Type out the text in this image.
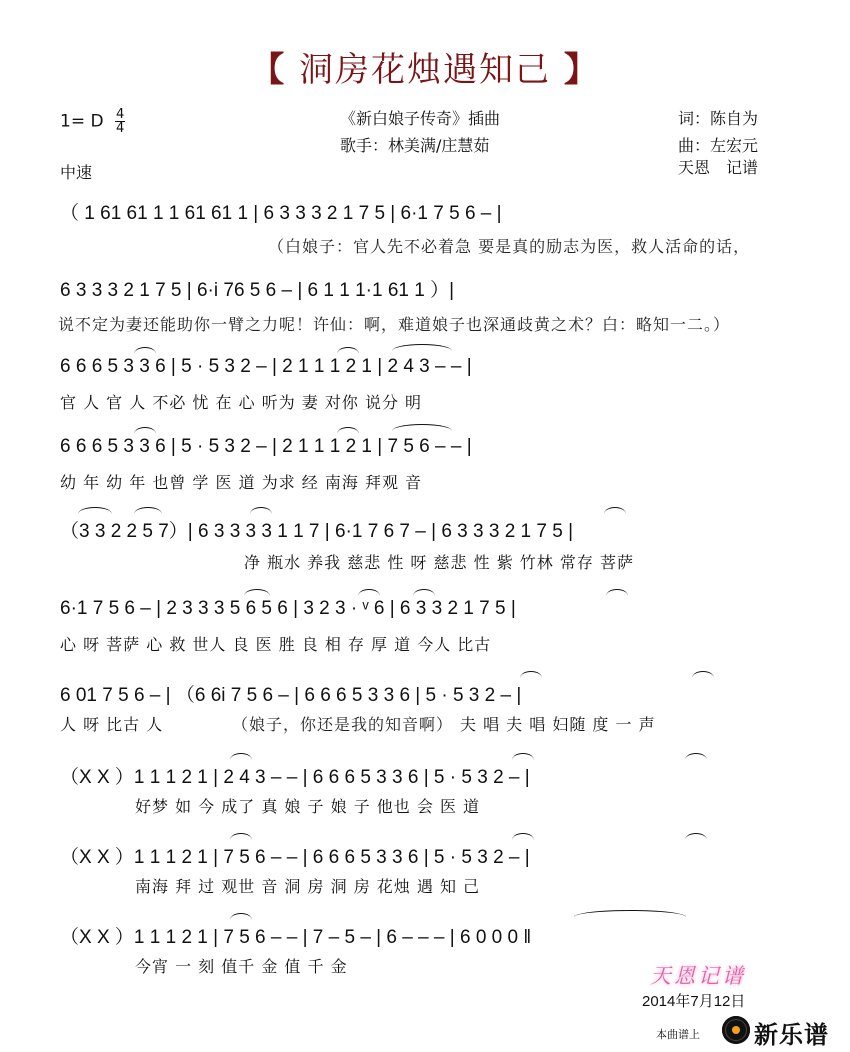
【 洞房花烛遇知己 】
1= D $\frac{4}{4}$
中速
《新白娘子传奇》插曲
歌手：林美满/庄慧茹
词：陈自为
曲：左宏元
天恩　记谱
（ 1 61 61 1 1 61 61 1 | 6 3 3 3 2 1 7 5 | 6·1 7 5 6 – |
（白娘子：官人先不必着急 要是真的励志为医，救人活命的话，
6 3 3 3 2 1 7 5 | 6·i 76 5 6 – | 6 1 1 1·1 61 1 ）|
说不定为妻还能助你一臂之力呢！许仙：啊，难道娘子也深通歧黄之术？白：略知一二。）
6 6 6 5 3 3 6 | 5 · 5 3 2 – | 2 1 1 1 2 1 | 2 4 3 – – |
官 人 官 人 不必 忧 在 心 听为 妻 对你 说分 明
6 6 6 5 3 3 6 | 5 · 5 3 2 – | 2 1 1 1 2 1 | 7 5 6 – – |
幼 年 幼 年 也曾 学 医 道 为求 经 南海 拜观 音
（3 3 2 2 5 7）| 6 3 3 3 3 1 1 7 | 6·1 7 6 7 – | 6 3 3 3 2 1 7 5 |
净 瓶水 养我 慈悲 性 呀 慈悲 性 紫 竹林 常存 菩萨
6·1 7 5 6 – | 2 3 3 3 5 6 5 6 | 3 2 3 · ᵛ 6 | 6 3 3 2 1 7 5 |
心 呀 菩萨 心 救 世人 良 医 胜 良 相 存 厚 道 今人 比古
6 01 7 5 6 – | （6 6i 7 5 6 – | 6 6 6 5 3 3 6 | 5 · 5 3 2 – |
人 呀 比古 人	（娘子，你还是我的知音啊） 夫 唱 夫 唱 妇随 度 一 声
（X X ）1 1 1 2 1 | 2 4 3 – – | 6 6 6 5 3 3 6 | 5 · 5 3 2 – |
好梦 如 今 成了 真 娘 子 娘 子 他也 会 医 道
（X X ）1 1 1 2 1 | 7 5 6 – – | 6 6 6 5 3 3 6 | 5 · 5 3 2 – |
南海 拜 过 观世 音 洞 房 洞 房 花烛 遇 知 己
（X X ）1 1 1 2 1 | 7 5 6 – – | 7 – 5 – | 6 – – – | 6 0 0 0 ‖
今宵 一 刻 值千 金 值 千 金	天恩记谱
2014年7月12日
本曲谱上 新乐谱
